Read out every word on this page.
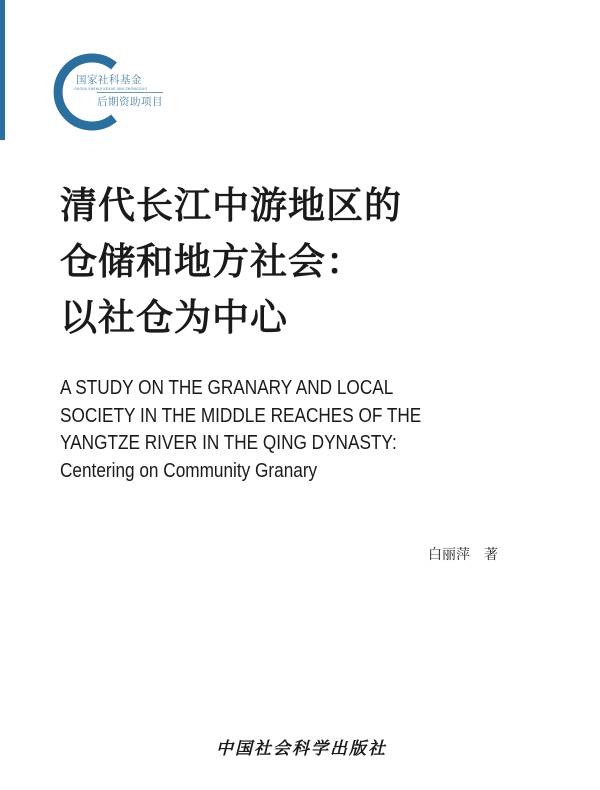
国家社科基金
GUOJIA SHEHUI KEXUE JIJIN ZHONGGUO
后期资助项目
清代长江中游地区的
仓储和地方社会：
以社仓为中心
A STUDY ON THE GRANARY AND LOCAL
SOCIETY IN THE MIDDLE REACHES OF THE
YANGTZE RIVER IN THE QING DYNASTY:
Centering on Community Granary
白丽萍 著
中国社会科学出版社
